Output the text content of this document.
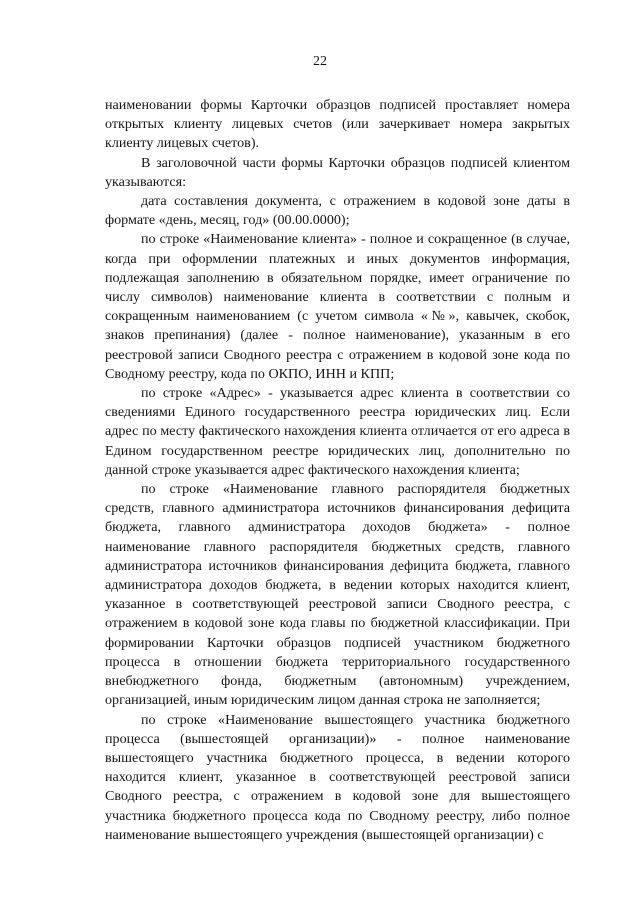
22

наименовании формы Карточки образцов подписей проставляет номера открытых клиенту лицевых счетов (или зачеркивает номера закрытых клиенту лицевых счетов).

В заголовочной части формы Карточки образцов подписей клиентом указываются:

дата составления документа, с отражением в кодовой зоне даты в формате «день, месяц, год» (00.00.0000);

по строке «Наименование клиента» - полное и сокращенное (в случае, когда при оформлении платежных и иных документов информация, подлежащая заполнению в обязательном порядке, имеет ограничение по числу символов) наименование клиента в соответствии с полным и сокращенным наименованием (с учетом символа «№», кавычек, скобок, знаков препинания) (далее - полное наименование), указанным в его реестровой записи Сводного реестра с отражением в кодовой зоне кода по Сводному реестру, кода по ОКПО, ИНН и КПП;

по строке «Адрес» - указывается адрес клиента в соответствии со сведениями Единого государственного реестра юридических лиц. Если адрес по месту фактического нахождения клиента отличается от его адреса в Едином государственном реестре юридических лиц, дополнительно по данной строке указывается адрес фактического нахождения клиента;

по строке «Наименование главного распорядителя бюджетных средств, главного администратора источников финансирования дефицита бюджета, главного администратора доходов бюджета» - полное наименование главного распорядителя бюджетных средств, главного администратора источников финансирования дефицита бюджета, главного администратора доходов бюджета, в ведении которых находится клиент, указанное в соответствующей реестровой записи Сводного реестра, с отражением в кодовой зоне кода главы по бюджетной классификации. При формировании Карточки образцов подписей участником бюджетного процесса в отношении бюджета территориального государственного внебюджетного фонда, бюджетным (автономным) учреждением, организацией, иным юридическим лицом данная строка не заполняется;

по строке «Наименование вышестоящего участника бюджетного процесса (вышестоящей организации)» - полное наименование вышестоящего участника бюджетного процесса, в ведении которого находится клиент, указанное в соответствующей реестровой записи Сводного реестра, с отражением в кодовой зоне для вышестоящего участника бюджетного процесса кода по Сводному реестру, либо полное наименование вышестоящего учреждения (вышестоящей организации) с
